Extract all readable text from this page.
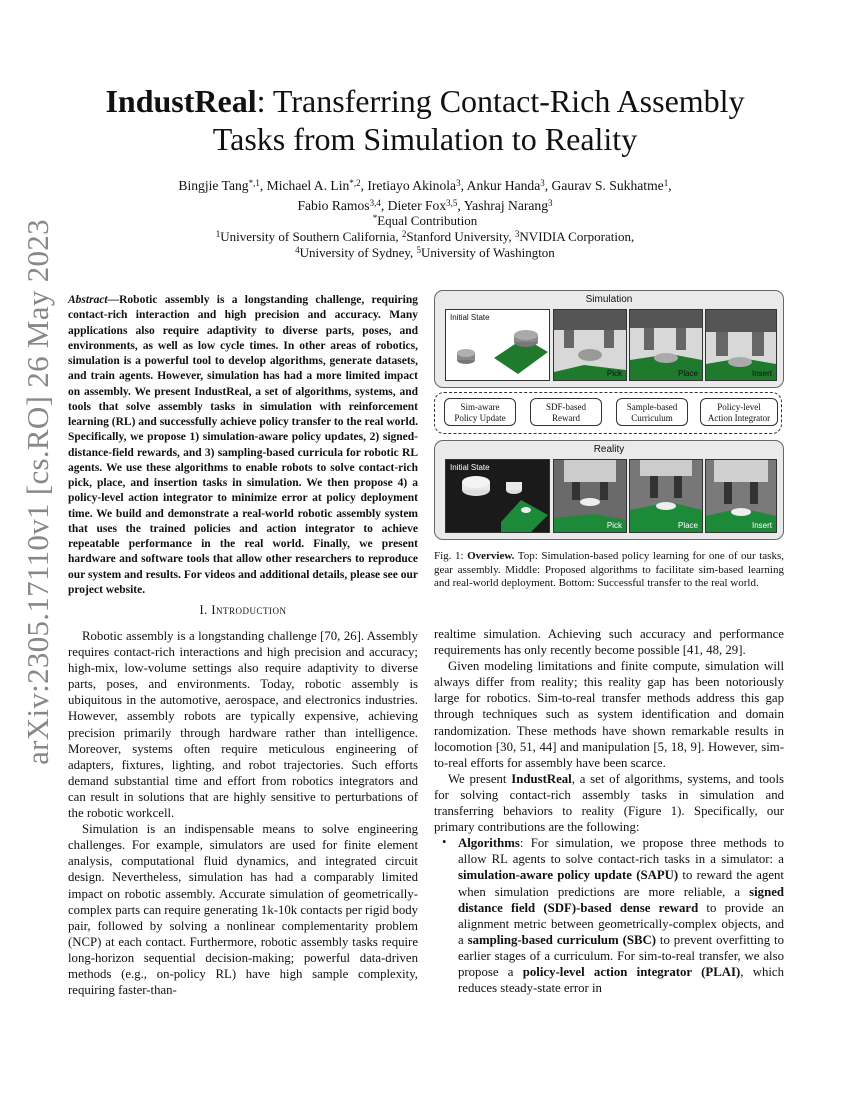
arXiv:2305.17110v1 [cs.RO] 26 May 2023
IndustReal: Transferring Contact-Rich Assembly
Tasks from Simulation to Reality
Bingjie Tang$^{*,1}$, Michael A. Lin$^{*,2}$, Iretiayo Akinola$^3$, Ankur Handa$^3$, Gaurav S. Sukhatme$^1$,
Fabio Ramos$^{3,4}$, Dieter Fox$^{3,5}$, Yashraj Narang$^3$
*Equal Contribution
$^1$University of Southern California, $^2$Stanford University, $^3$NVIDIA Corporation,
$^4$University of Sydney, $^5$University of Washington
Abstract—Robotic assembly is a longstanding challenge, requiring contact-rich interaction and high precision and accuracy. Many applications also require adaptivity to diverse parts, poses, and environments, as well as low cycle times. In other areas of robotics, simulation is a powerful tool to develop algorithms, generate datasets, and train agents. However, simulation has had a more limited impact on assembly. We present IndustReal, a set of algorithms, systems, and tools that solve assembly tasks in simulation with reinforcement learning (RL) and successfully achieve policy transfer to the real world. Specifically, we propose 1) simulation-aware policy updates, 2) signed-distance-field rewards, and 3) sampling-based curricula for robotic RL agents. We use these algorithms to enable robots to solve contact-rich pick, place, and insertion tasks in simulation. We then propose 4) a policy-level action integrator to minimize error at policy deployment time. We build and demonstrate a real-world robotic assembly system that uses the trained policies and action integrator to achieve repeatable performance in the real world. Finally, we present hardware and software tools that allow other researchers to reproduce our system and results. For videos and additional details, please see our project website.
I. Introduction

Robotic assembly is a longstanding challenge [70, 26]. Assembly requires contact-rich interactions and high precision and accuracy; high-mix, low-volume settings also require adaptivity to diverse parts, poses, and environments. Today, robotic assembly is ubiquitous in the automotive, aerospace, and electronics industries. However, assembly robots are typically expensive, achieving precision primarily through hardware rather than intelligence. Moreover, systems often require meticulous engineering of adapters, fixtures, lighting, and robot trajectories. Such efforts demand substantial time and effort from robotics integrators and can result in solutions that are highly sensitive to perturbations of the robotic workcell.

Simulation is an indispensable means to solve engineering challenges. For example, simulators are used for finite element analysis, computational fluid dynamics, and integrated circuit design. Nevertheless, simulation has had a comparably limited impact on robotic assembly. Accurate simulation of geometrically-complex parts can require generating 1k-10k contacts per rigid body pair, followed by solving a nonlinear complementarity problem (NCP) at each contact. Furthermore, robotic assembly tasks require long-horizon sequential decision-making; powerful data-driven methods (e.g., on-policy RL) have high sample complexity, requiring faster-than-

realtime simulation. Achieving such accuracy and performance requirements has only recently become possible [41, 48, 29].

Given modeling limitations and finite compute, simulation will always differ from reality; this reality gap has been notoriously large for robotics. Sim-to-real transfer methods address this gap through techniques such as system identification and domain randomization. These methods have shown remarkable results in locomotion [30, 51, 44] and manipulation [5, 18, 9]. However, sim-to-real efforts for assembly have been scarce.

We present IndustReal, a set of algorithms, systems, and tools for solving contact-rich assembly tasks in simulation and transferring behaviors to reality (Figure 1). Specifically, our primary contributions are the following:

• Algorithms: For simulation, we propose three methods to allow RL agents to solve contact-rich tasks in a simulator: a simulation-aware policy update (SAPU) to reward the agent when simulation predictions are more reliable, a signed distance field (SDF)-based dense reward to provide an alignment metric between geometrically-complex objects, and a sampling-based curriculum (SBC) to prevent overfitting to earlier stages of a curriculum. For sim-to-real transfer, we also propose a policy-level action integrator (PLAI), which reduces steady-state error in

Simulation
Initial State
Pick	Place	Insert
Sim-aware
Policy Update
SDF-based
Reward
Sample-based
Curriculum
Policy-level
Action Integrator
Reality
Initial State
Pick	Place	Insert
Fig. 1: Overview. Top: Simulation-based policy learning for one of our tasks, gear assembly. Middle: Proposed algorithms to facilitate sim-based learning and real-world deployment. Bottom: Successful transfer to the real world.
